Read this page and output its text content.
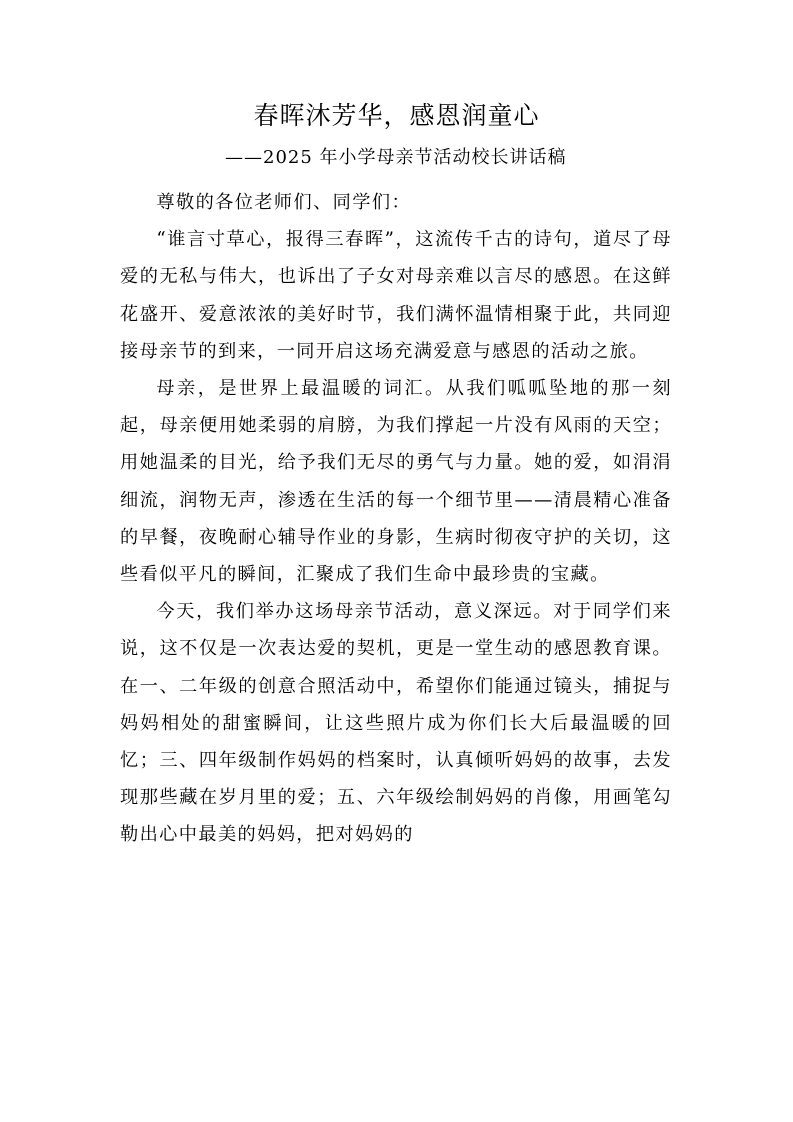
春晖沐芳华，感恩润童心
——2025 年小学母亲节活动校长讲话稿

尊敬的各位老师们、同学们：

“谁言寸草心，报得三春晖”，这流传千古的诗句，道尽了母爱的无私与伟大，也诉出了子女对母亲难以言尽的感恩。在这鲜花盛开、爱意浓浓的美好时节，我们满怀温情相聚于此，共同迎接母亲节的到来，一同开启这场充满爱意与感恩的活动之旅。

母亲，是世界上最温暖的词汇。从我们呱呱坠地的那一刻起，母亲便用她柔弱的肩膀，为我们撑起一片没有风雨的天空；用她温柔的目光，给予我们无尽的勇气与力量。她的爱，如涓涓细流，润物无声，渗透在生活的每一个细节里——清晨精心准备的早餐，夜晚耐心辅导作业的身影，生病时彻夜守护的关切，这些看似平凡的瞬间，汇聚成了我们生命中最珍贵的宝藏。

今天，我们举办这场母亲节活动，意义深远。对于同学们来说，这不仅是一次表达爱的契机，更是一堂生动的感恩教育课。在一、二年级的创意合照活动中，希望你们能通过镜头，捕捉与妈妈相处的甜蜜瞬间，让这些照片成为你们长大后最温暖的回忆；三、四年级制作妈妈的档案时，认真倾听妈妈的故事，去发现那些藏在岁月里的爱；五、六年级绘制妈妈的肖像，用画笔勾勒出心中最美的妈妈，把对妈妈的
